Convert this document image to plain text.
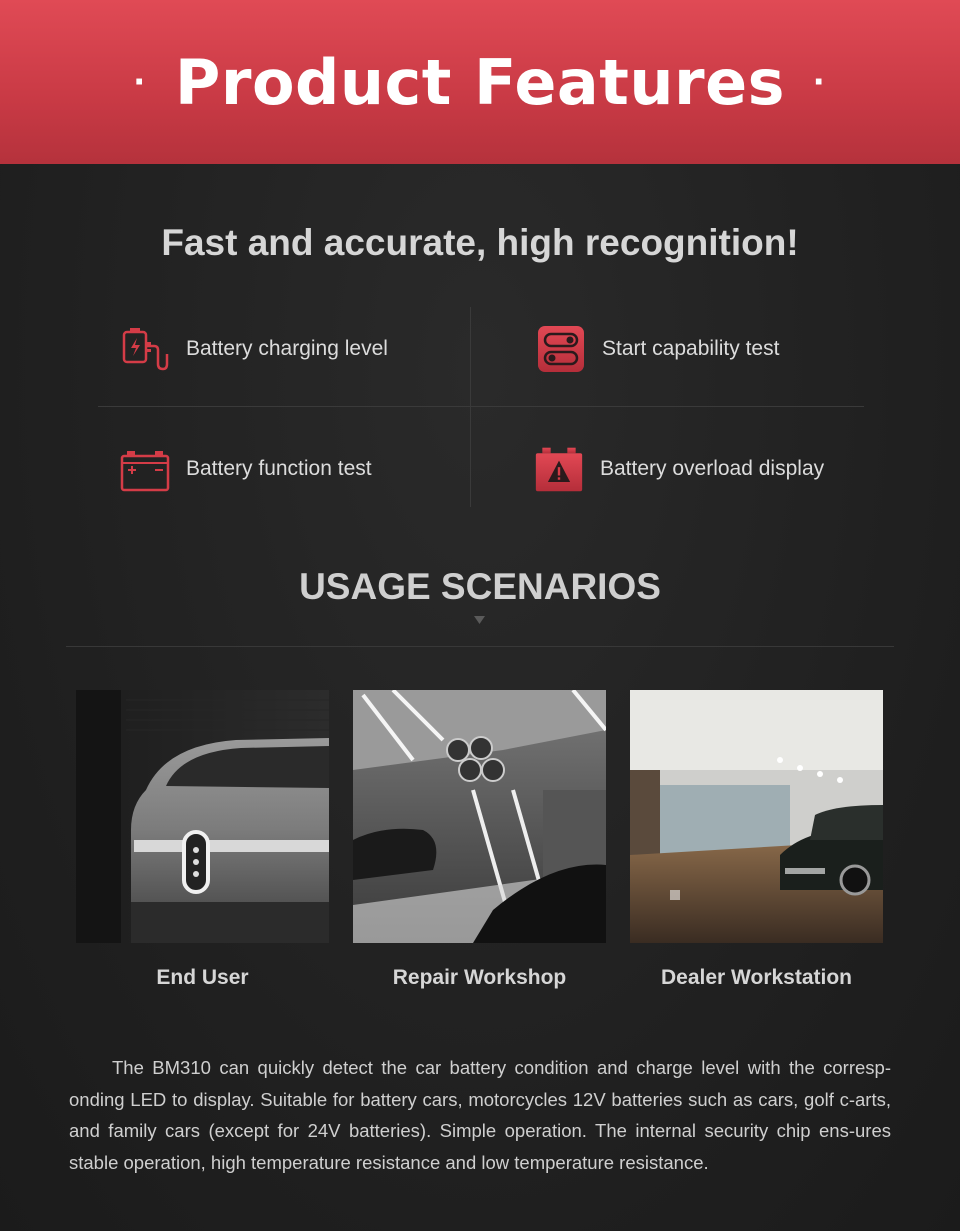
· Product Features ·
Fast and accurate, high recognition!
Battery charging level	Start capability test
Battery function test	Battery overload display
USAGE SCENARIOS
End User	Repair Workshop	Dealer Workstation

The BM310 can quickly detect the car battery condition and charge level with the corresp-onding LED to display. Suitable for battery cars, motorcycles 12V batteries such as cars, golf c-arts, and family cars (except for 24V batteries). Simple operation. The internal security chip ens-ures stable operation, high temperature resistance and low temperature resistance.
